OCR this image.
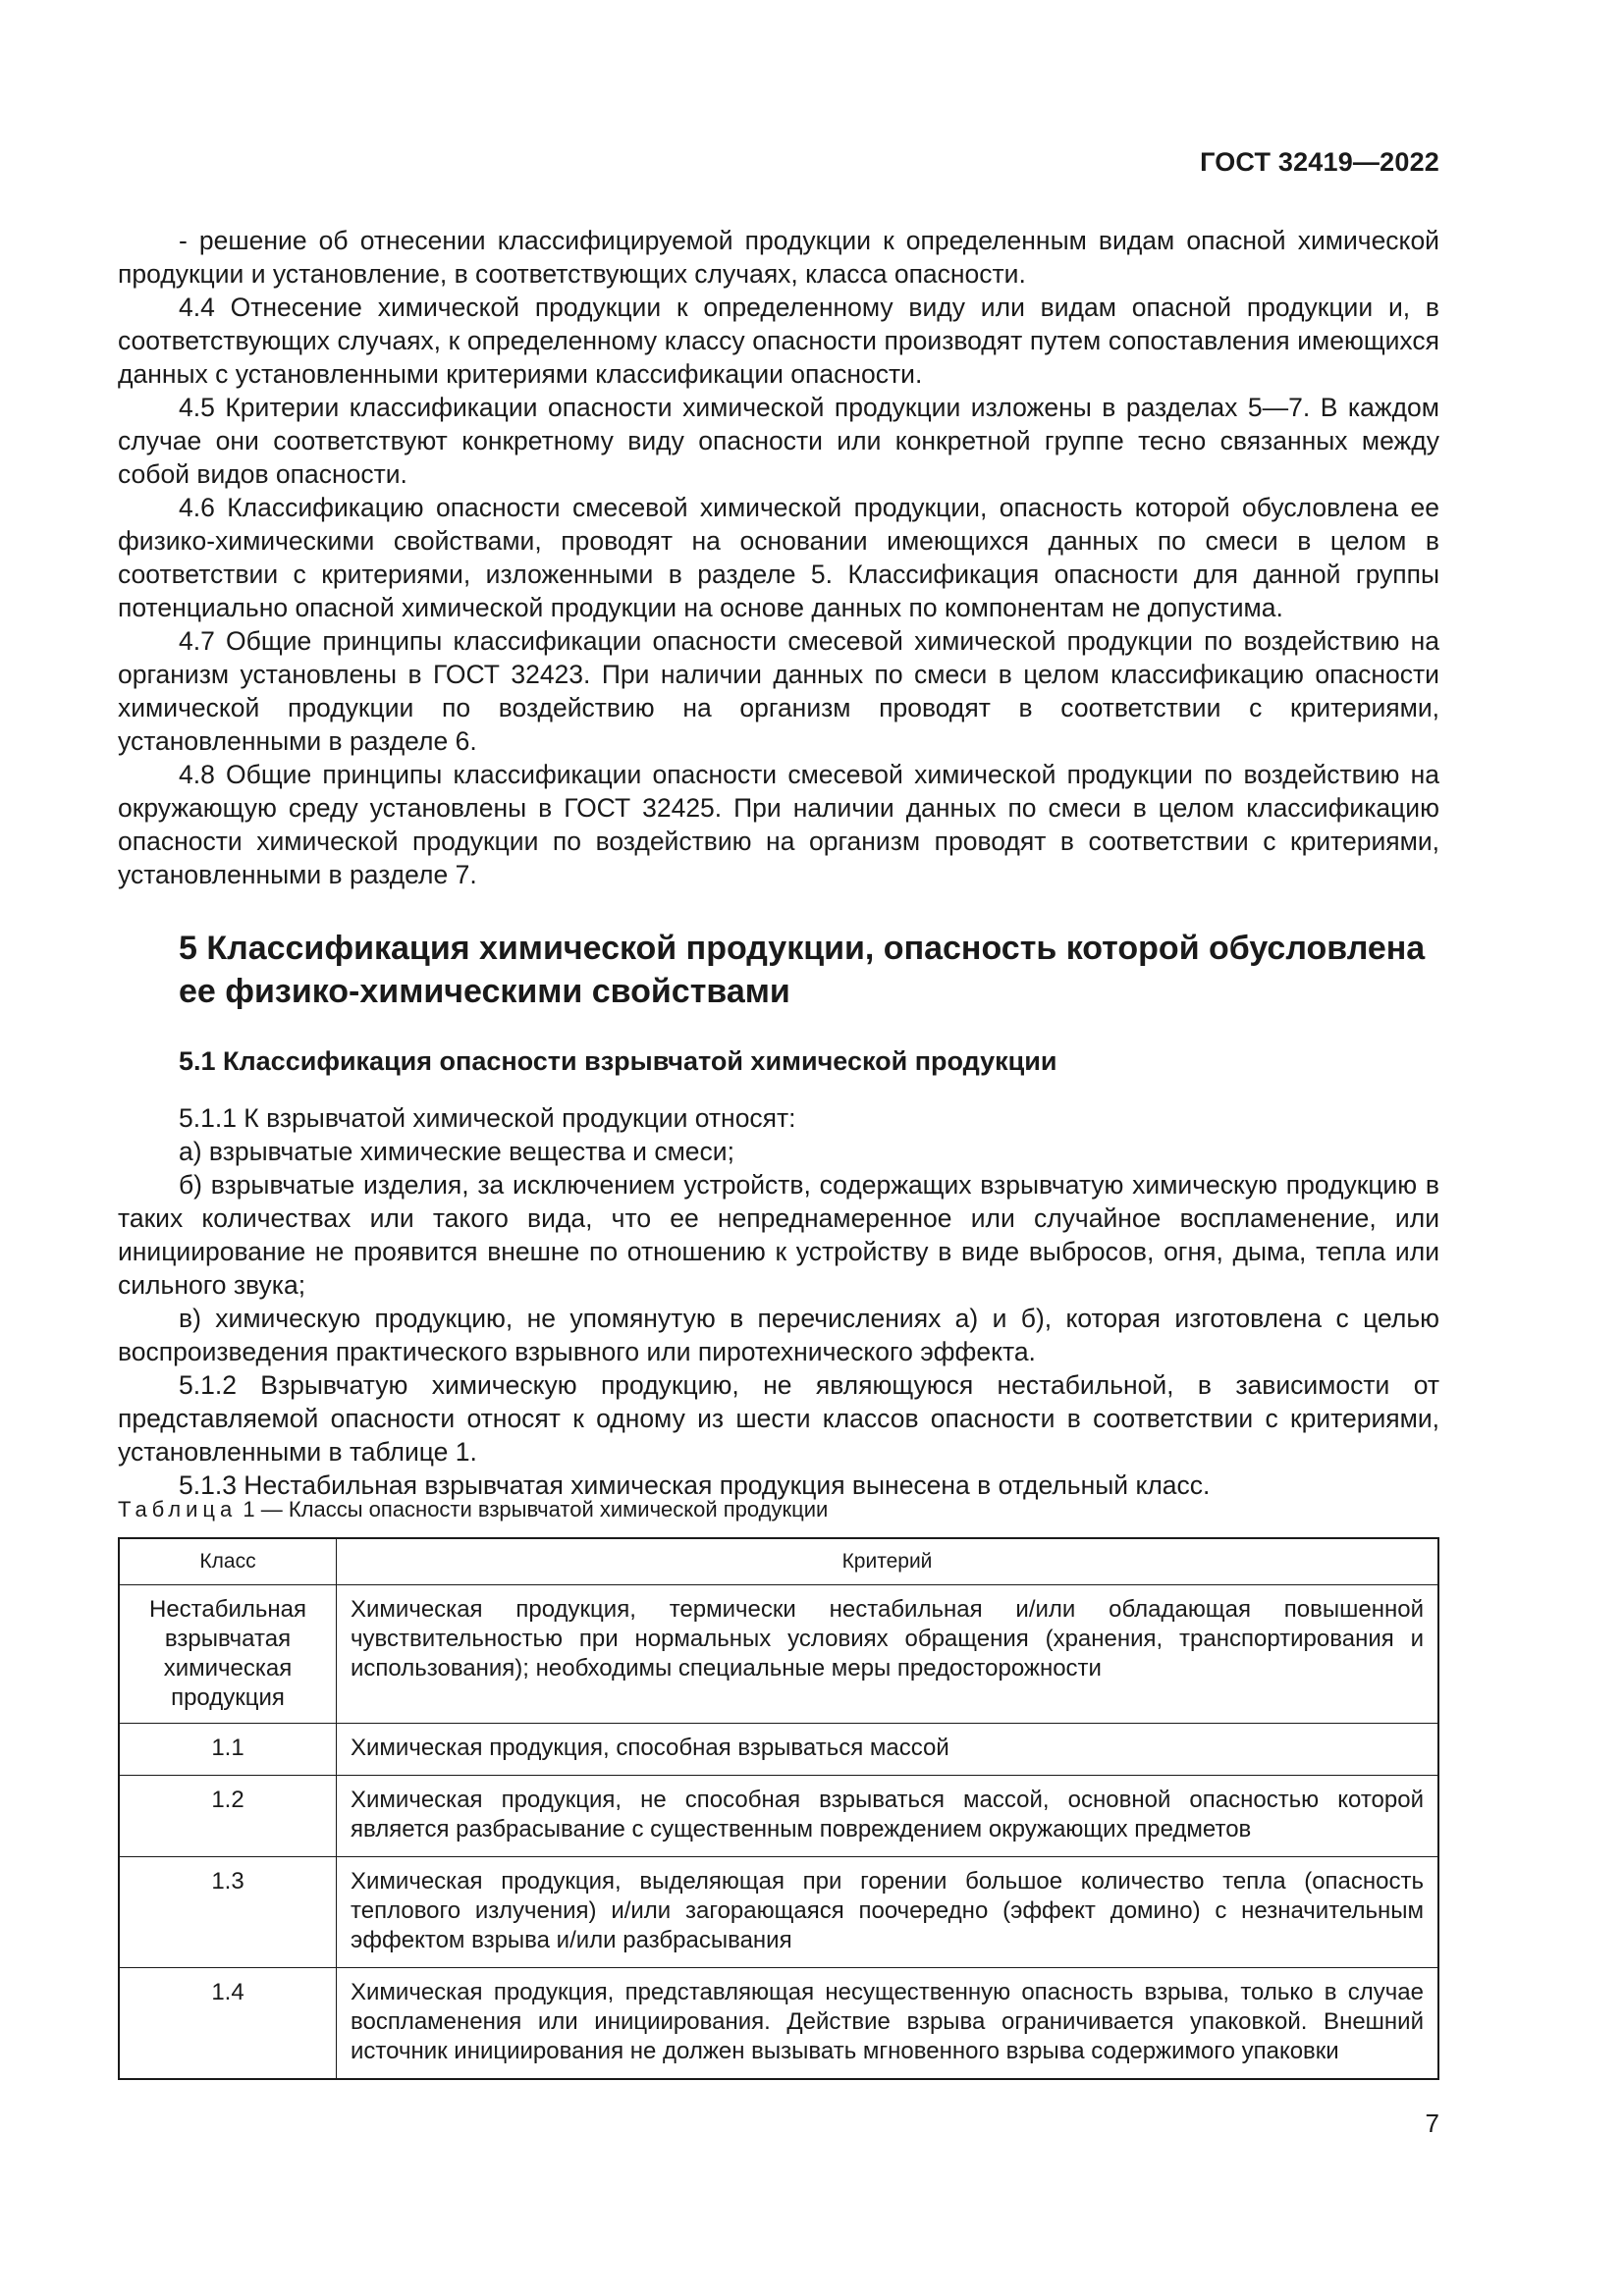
ГОСТ 32419—2022

- решение об отнесении классифицируемой продукции к определенным видам опасной химической продукции и установление, в соответствующих случаях, класса опасности.

4.4 Отнесение химической продукции к определенному виду или видам опасной продукции и, в соответствующих случаях, к определенному классу опасности производят путем сопоставления имеющихся данных с установленными критериями классификации опасности.

4.5 Критерии классификации опасности химической продукции изложены в разделах 5—7. В каждом случае они соответствуют конкретному виду опасности или конкретной группе тесно связанных между собой видов опасности.

4.6 Классификацию опасности смесевой химической продукции, опасность которой обусловлена ее физико-химическими свойствами, проводят на основании имеющихся данных по смеси в целом в соответствии с критериями, изложенными в разделе 5. Классификация опасности для данной группы потенциально опасной химической продукции на основе данных по компонентам не допустима.

4.7 Общие принципы классификации опасности смесевой химической продукции по воздействию на организм установлены в ГОСТ 32423. При наличии данных по смеси в целом классификацию опасности химической продукции по воздействию на организм проводят в соответствии с критериями, установленными в разделе 6.

4.8 Общие принципы классификации опасности смесевой химической продукции по воздействию на окружающую среду установлены в ГОСТ 32425. При наличии данных по смеси в целом классификацию опасности химической продукции по воздействию на организм проводят в соответствии с критериями, установленными в разделе 7.

5 Классификация химической продукции, опасность которой обусловлена ее физико-химическими свойствами
5.1 Классификация опасности взрывчатой химической продукции

5.1.1 К взрывчатой химической продукции относят:

а) взрывчатые химические вещества и смеси;

б) взрывчатые изделия, за исключением устройств, содержащих взрывчатую химическую продукцию в таких количествах или такого вида, что ее непреднамеренное или случайное воспламенение, или инициирование не проявится внешне по отношению к устройству в виде выбросов, огня, дыма, тепла или сильного звука;

в) химическую продукцию, не упомянутую в перечислениях а) и б), которая изготовлена с целью воспроизведения практического взрывного или пиротехнического эффекта.

5.1.2 Взрывчатую химическую продукцию, не являющуюся нестабильной, в зависимости от представляемой опасности относят к одному из шести классов опасности в соответствии с критериями, установленными в таблице 1.

5.1.3 Нестабильная взрывчатая химическая продукция вынесена в отдельный класс.

Таблица 1 — Классы опасности взрывчатой химической продукции
Класс	Критерий
Нестабильная взрывчатая химическая продукция	Химическая продукция, термически нестабильная и/или обладающая повышенной чувствительностью при нормальных условиях обращения (хранения, транспортирования и использования); необходимы специальные меры предосторожности
1.1	Химическая продукция, способная взрываться массой
1.2	Химическая продукция, не способная взрываться массой, основной опасностью которой является разбрасывание с существенным повреждением окружающих предметов
1.3	Химическая продукция, выделяющая при горении большое количество тепла (опасность теплового излучения) и/или загорающаяся поочередно (эффект домино) с незначительным эффектом взрыва и/или разбрасывания
1.4	Химическая продукция, представляющая несущественную опасность взрыва, только в случае воспламенения или инициирования. Действие взрыва ограничивается упаковкой. Внешний источник инициирования не должен вызывать мгновенного взрыва содержимого упаковки
7
